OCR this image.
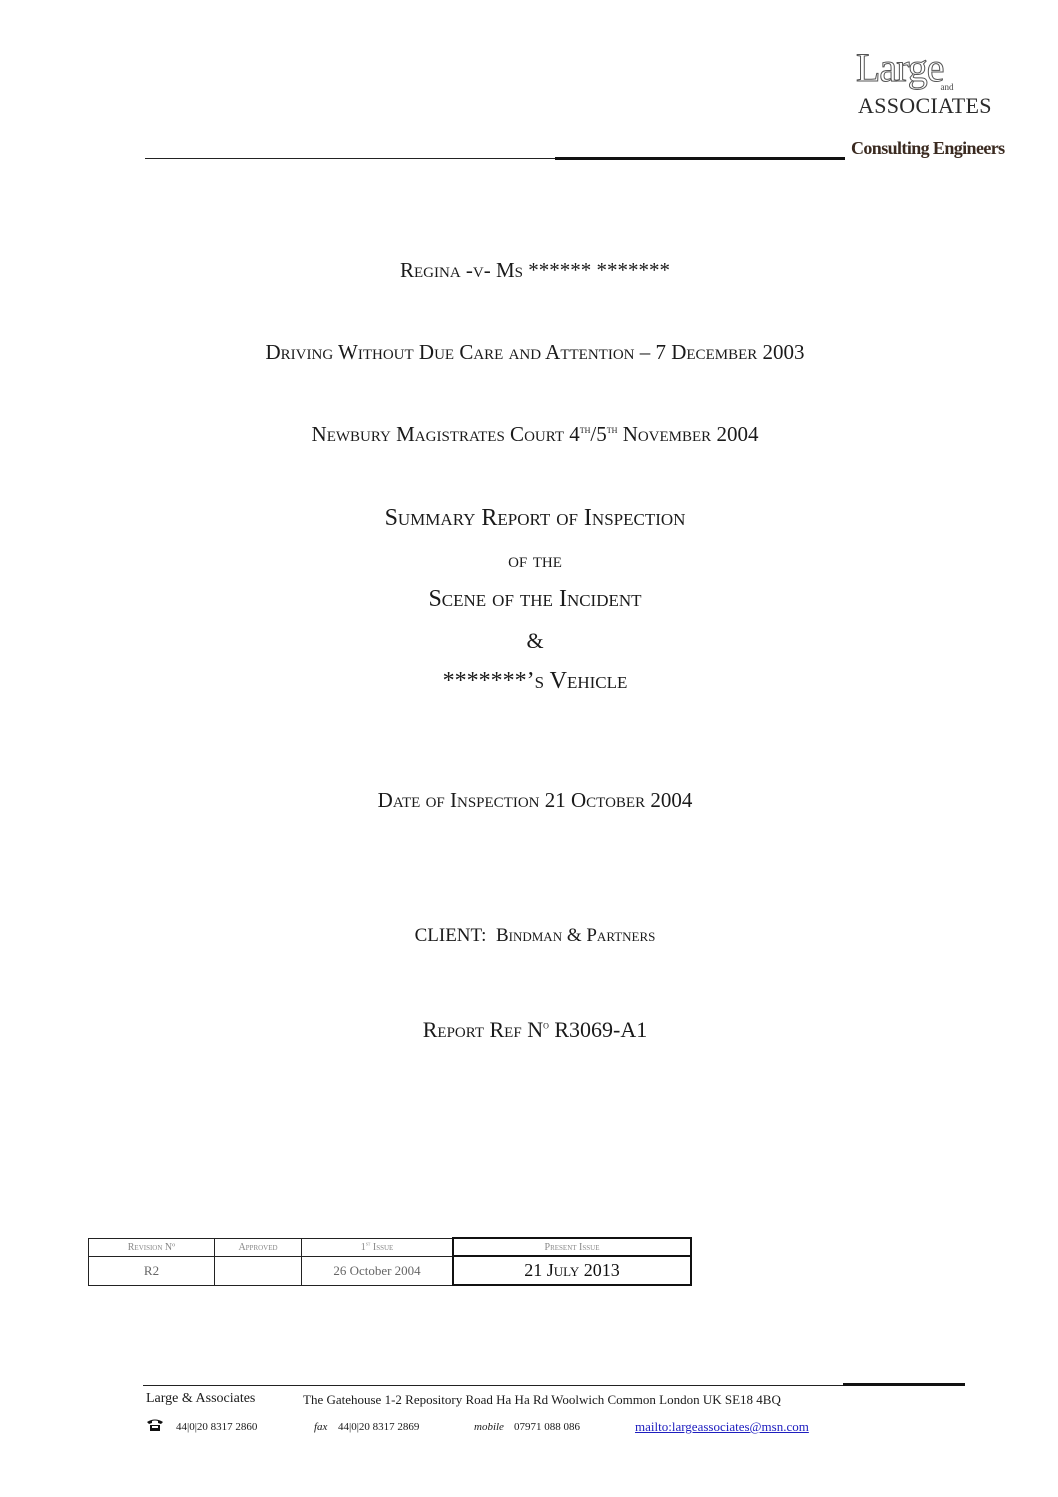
Large
and
ASSOCIATES
Consulting Engineers
Regina -v- Ms ****** *******
Driving Without Due Care and Attention – 7 December 2003
Newbury Magistrates Court 4th/5th November 2004
Summary Report of Inspection
of the
Scene of the Incident
&
*******’s Vehicle
Date of Inspection 21 October 2004
CLIENT: Bindman & Partners
Report Ref $N^o$ R3069-A1
Revision Nº	Approved	1st Issue	Present Issue
R2		26 October 2004	21 July 2013
Large & Associates	The Gatehouse 1-2 Repository Road Ha Ha Rd Woolwich Common London UK SE18 4BQ
44|0|20 8317 2860	fax 44|0|20 8317 2869	mobile 07971 088 086	mailto:largeassociates@msn.com
